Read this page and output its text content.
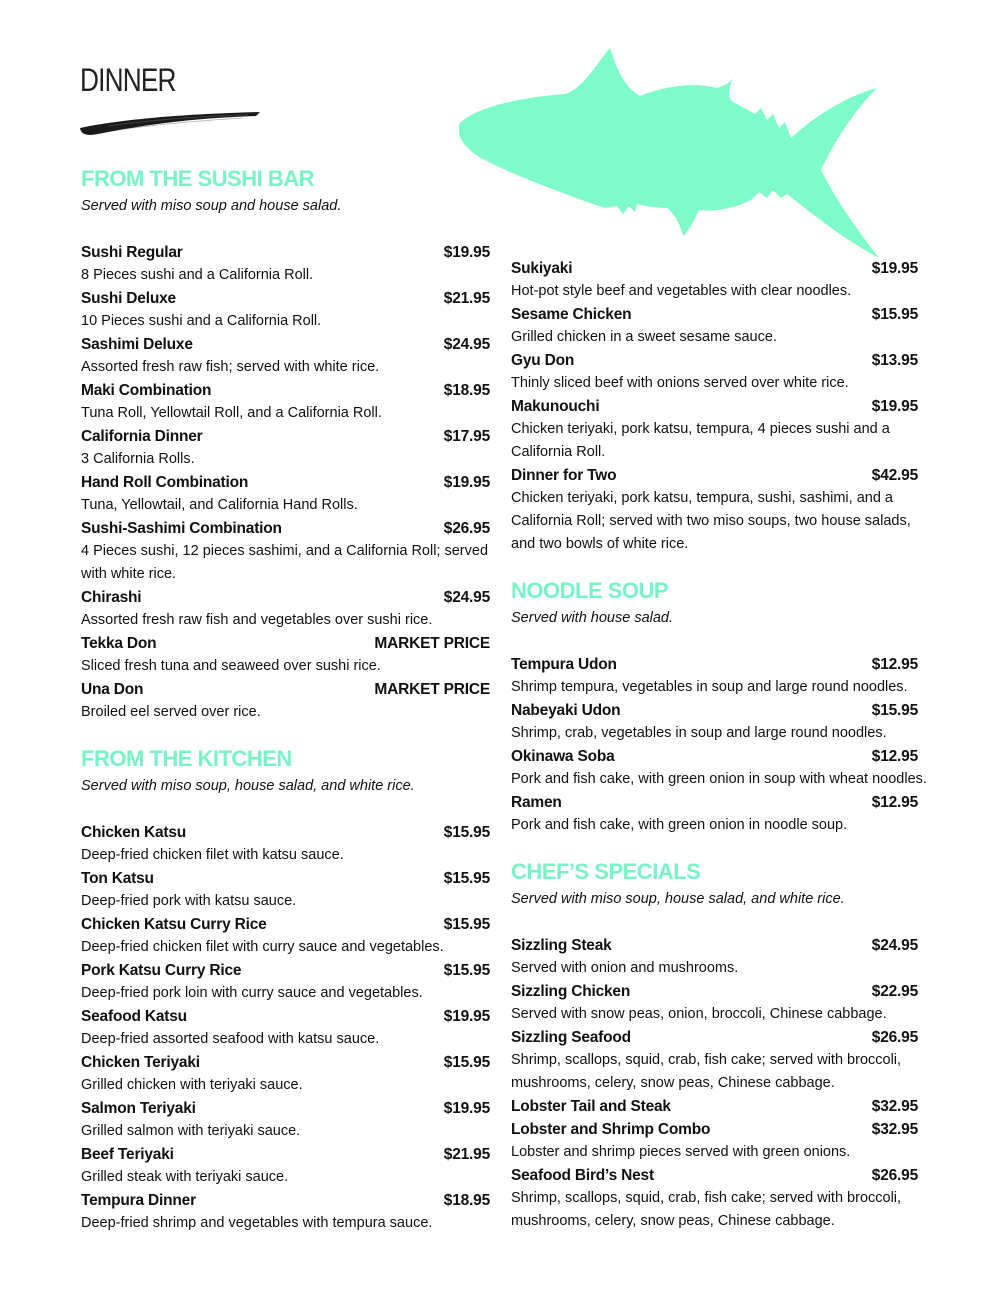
DINNER
FROM THE SUSHI BAR
Served with miso soup and house salad.
Sushi Regular	$19.95
8 Pieces sushi and a California Roll.
Sushi Deluxe	$21.95
10 Pieces sushi and a California Roll.
Sashimi Deluxe	$24.95
Assorted fresh raw fish; served with white rice.
Maki Combination	$18.95
Tuna Roll, Yellowtail Roll, and a California Roll.
California Dinner	$17.95
3 California Rolls.
Hand Roll Combination	$19.95
Tuna, Yellowtail, and California Hand Rolls.
Sushi-Sashimi Combination	$26.95
4 Pieces sushi, 12 pieces sashimi, and a California Roll; served with white rice.
Chirashi	$24.95
Assorted fresh raw fish and vegetables over sushi rice.
Tekka Don	MARKET PRICE
Sliced fresh tuna and seaweed over sushi rice.
Una Don	MARKET PRICE
Broiled eel served over rice.
FROM THE KITCHEN
Served with miso soup, house salad, and white rice.
Chicken Katsu	$15.95
Deep-fried chicken filet with katsu sauce.
Ton Katsu	$15.95
Deep-fried pork with katsu sauce.
Chicken Katsu Curry Rice	$15.95
Deep-fried chicken filet with curry sauce and vegetables.
Pork Katsu Curry Rice	$15.95
Deep-fried pork loin with curry sauce and vegetables.
Seafood Katsu	$19.95
Deep-fried assorted seafood with katsu sauce.
Chicken Teriyaki	$15.95
Grilled chicken with teriyaki sauce.
Salmon Teriyaki	$19.95
Grilled salmon with teriyaki sauce.
Beef Teriyaki	$21.95
Grilled steak with teriyaki sauce.
Tempura Dinner	$18.95
Deep-fried shrimp and vegetables with tempura sauce.
Sukiyaki	$19.95
Hot-pot style beef and vegetables with clear noodles.
Sesame Chicken	$15.95
Grilled chicken in a sweet sesame sauce.
Gyu Don	$13.95
Thinly sliced beef with onions served over white rice.
Makunouchi	$19.95
Chicken teriyaki, pork katsu, tempura, 4 pieces sushi and a California Roll.
Dinner for Two	$42.95
Chicken teriyaki, pork katsu, tempura, sushi, sashimi, and a California Roll; served with two miso soups, two house salads, and two bowls of white rice.
NOODLE SOUP
Served with house salad.
Tempura Udon	$12.95
Shrimp tempura, vegetables in soup and large round noodles.
Nabeyaki Udon	$15.95
Shrimp, crab, vegetables in soup and large round noodles.
Okinawa Soba	$12.95
Pork and fish cake, with green onion in soup with wheat noodles.
Ramen	$12.95
Pork and fish cake, with green onion in noodle soup.
CHEF’S SPECIALS
Served with miso soup, house salad, and white rice.
Sizzling Steak	$24.95
Served with onion and mushrooms.
Sizzling Chicken	$22.95
Served with snow peas, onion, broccoli, Chinese cabbage.
Sizzling Seafood	$26.95
Shrimp, scallops, squid, crab, fish cake; served with broccoli, mushrooms, celery, snow peas, Chinese cabbage.
Lobster Tail and Steak	$32.95
Lobster and Shrimp Combo	$32.95
Lobster and shrimp pieces served with green onions.
Seafood Bird’s Nest	$26.95
Shrimp, scallops, squid, crab, fish cake; served with broccoli, mushrooms, celery, snow peas, Chinese cabbage.
